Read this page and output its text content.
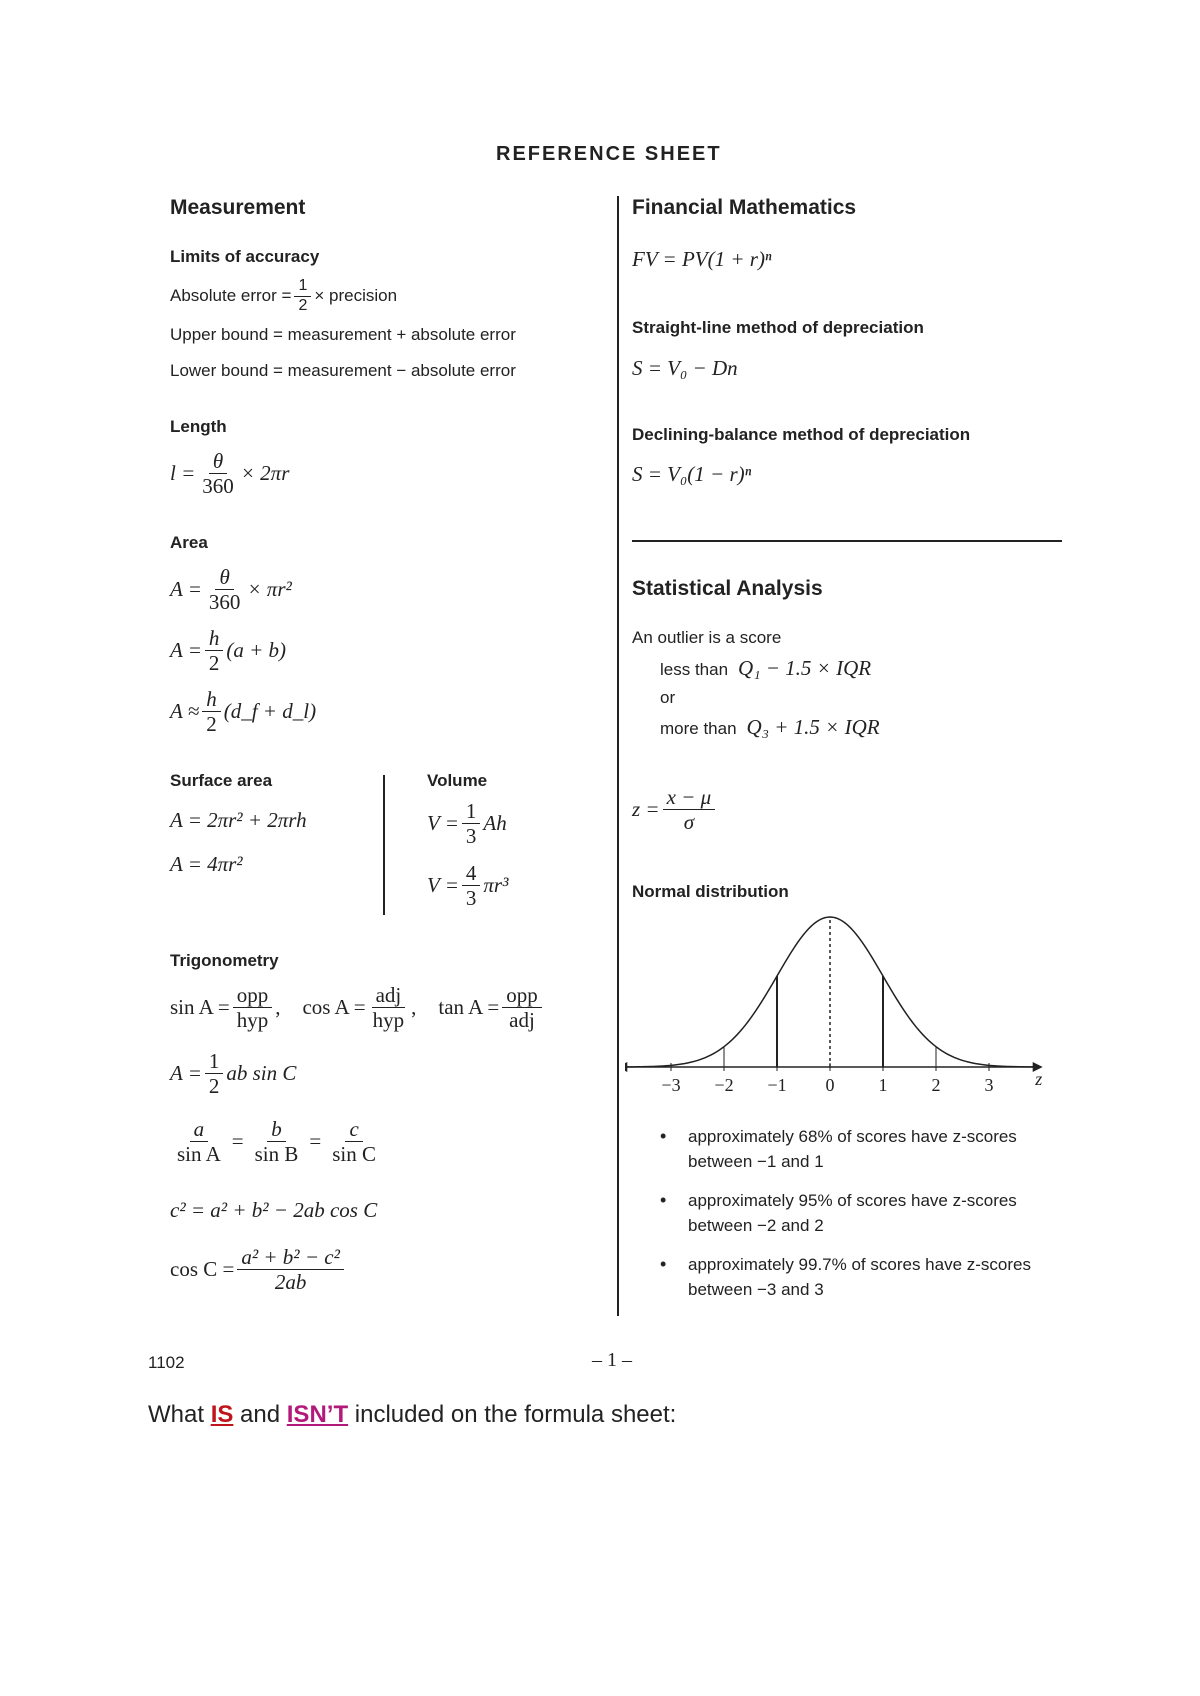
REFERENCE SHEET
Measurement
Limits of accuracy
Absolute error = $\frac{1}{2}$ × precision
Upper bound = measurement + absolute error
Lower bound = measurement − absolute error
Length
$l = \frac{\theta}{360} \times 2\pi r$
Area
$A = \frac{\theta}{360} \times \pi r^2$
$A = \frac{h}{2} (a + b)$
$A \approx \frac{h}{2}$ (d_f + d_l)
Surface area
A = 2πr² + 2πrh
A = 4πr²
Volume
$V = \frac{1}{3}$ Ah
$V = \frac{4}{3} \pi r^3$
Trigonometry
$\sin A = \frac{\text{opp}}{\text{hyp}}$ , $\cos A = \frac{\text{adj}}{\text{hyp}}$ , $\tan A = \frac{\text{opp}}{\text{adj}}$
$A = \frac{1}{2}$ ab sin C
$\frac{a}{\text{sin A}} = \frac{b}{\text{sin B}} = \frac{c}{\text{sin C}}$
c² = a² + b² − 2ab cos C
$\cos C = \frac{\text{a² + b² − c²}}{2ab}$
Financial Mathematics
FV = PV(1 + r)ⁿ
Straight-line method of depreciation
S = V₀ − Dn
Declining-balance method of depreciation
S = V₀(1 − r)ⁿ
Statistical Analysis
An outlier is a score
less than Q₁ − 1.5 × IQR
or
more than Q₃ + 1.5 × IQR
$z = \frac{x - \mu}{\sigma}$
Normal distribution
−3 −2 −1 0 1 2 3 z
• approximately 68% of scores have z-scores between −1 and 1
• approximately 95% of scores have z-scores between −2 and 2
• approximately 99.7% of scores have z-scores between −3 and 3
1102	– 1 –
What IS and ISN’T included on the formula sheet:
